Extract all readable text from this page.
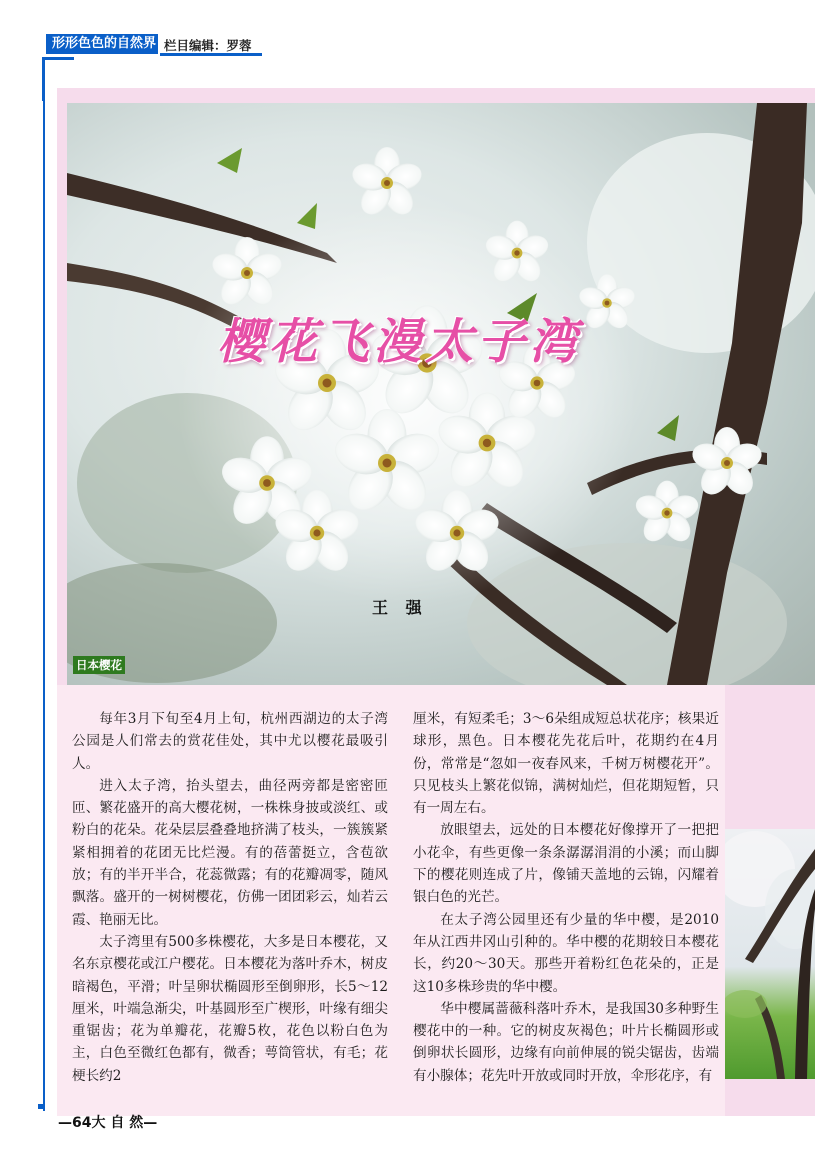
形形色色的自然界 栏目编辑：罗蓉
樱花飞漫太子湾
王 强
日本樱花

每年3月下旬至4月上旬，杭州西湖边的太子湾公园是人们常去的赏花佳处，其中尤以樱花最吸引人。

进入太子湾，抬头望去，曲径两旁都是密密匝匝、繁花盛开的高大樱花树，一株株身披或淡红、或粉白的花朵。花朵层层叠叠地挤满了枝头，一簇簇紧紧相拥着的花团无比烂漫。有的蓓蕾挺立，含苞欲放；有的半开半合，花蕊微露；有的花瓣凋零，随风飘落。盛开的一树树樱花，仿佛一团团彩云，灿若云霞、艳丽无比。

太子湾里有500多株樱花，大多是日本樱花，又名东京樱花或江户樱花。日本樱花为落叶乔木，树皮暗褐色，平滑；叶呈卵状椭圆形至倒卵形，长5～12厘米，叶端急渐尖，叶基圆形至广楔形，叶缘有细尖重锯齿；花为单瓣花，花瓣5枚，花色以粉白色为主，白色至微红色都有，微香；萼筒管状，有毛；花梗长约2

厘米，有短柔毛；3～6朵组成短总状花序；核果近球形，黑色。日本樱花先花后叶，花期约在4月份，常常是“忽如一夜春风来，千树万树樱花开”。只见枝头上繁花似锦，满树灿烂，但花期短暂，只有一周左右。

放眼望去，远处的日本樱花好像撑开了一把把小花伞，有些更像一条条潺潺涓涓的小溪；而山脚下的樱花则连成了片，像铺天盖地的云锦，闪耀着银白色的光芒。

在太子湾公园里还有少量的华中樱，是2010年从江西井冈山引种的。华中樱的花期较日本樱花长，约20～30天。那些开着粉红色花朵的，正是这10多株珍贵的华中樱。

华中樱属蔷薇科落叶乔木，是我国30多种野生樱花中的一种。它的树皮灰褐色；叶片长椭圆形或倒卵状长圆形，边缘有向前伸展的锐尖锯齿，齿端有小腺体；花先叶开放或同时开放，伞形花序，有

—64大 自 然—
